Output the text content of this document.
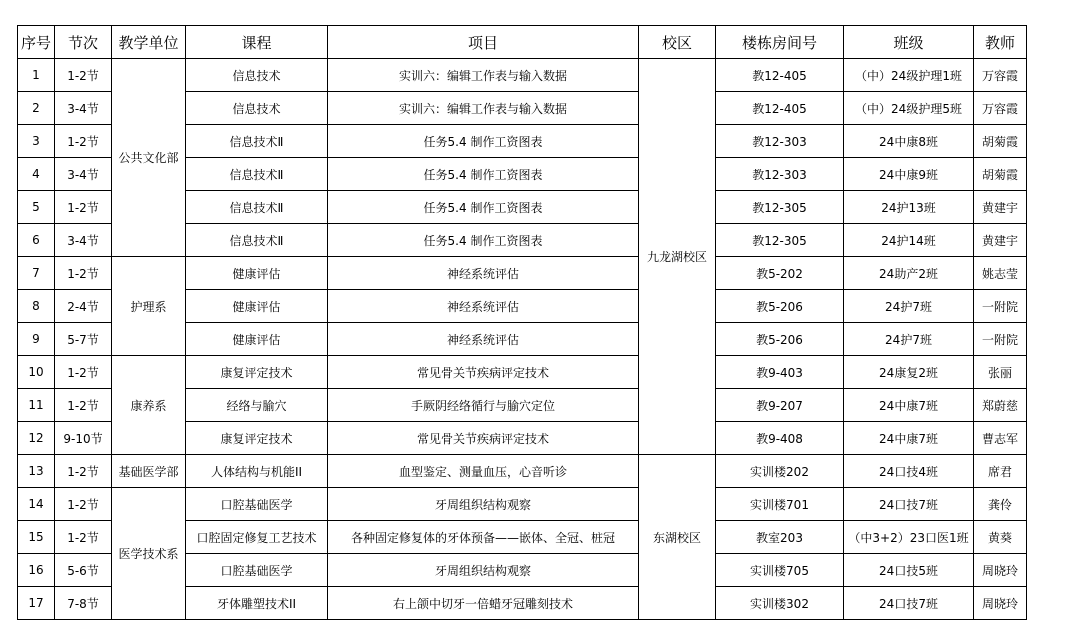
序号	节次	教学单位	课程	项目	校区	楼栋房间号	班级	教师
1	1-2节	公共文化部	信息技术	实训六：编辑工作表与输入数据	九龙湖校区	教12-405	（中）24级护理1班	万容霞
2	3-4节		信息技术	实训六：编辑工作表与输入数据		教12-405	（中）24级护理5班	万容霞
3	1-2节		信息技术Ⅱ	任务5.4 制作工资图表		教12-303	24中康8班	胡菊霞
4	3-4节		信息技术Ⅱ	任务5.4 制作工资图表		教12-303	24中康9班	胡菊霞
5	1-2节		信息技术Ⅱ	任务5.4 制作工资图表		教12-305	24护13班	黄建宇
6	3-4节		信息技术Ⅱ	任务5.4 制作工资图表		教12-305	24护14班	黄建宇
7	1-2节	护理系	健康评估	神经系统评估		教5-202	24助产2班	姚志莹
8	2-4节		健康评估	神经系统评估		教5-206	24护7班	一附院
9	5-7节		健康评估	神经系统评估		教5-206	24护7班	一附院
10	1-2节	康养系	康复评定技术	常见骨关节疾病评定技术		教9-403	24康复2班	张丽
11	1-2节		经络与腧穴	手厥阴经络循行与腧穴定位		教9-207	24中康7班	郑蔚慈
12	9-10节		康复评定技术	常见骨关节疾病评定技术		教9-408	24中康7班	曹志军
13	1-2节	基础医学部	人体结构与机能II	血型鉴定、测量血压，心音听诊	东湖校区	实训楼202	24口技4班	席君
14	1-2节	医学技术系	口腔基础医学	牙周组织结构观察		实训楼701	24口技7班	龚伶
15	1-2节		口腔固定修复工艺技术	各种固定修复体的牙体预备——嵌体、全冠、桩冠		教室203	（中3+2）23口医1班	黄葵
16	5-6节		口腔基础医学	牙周组织结构观察		实训楼705	24口技5班	周晓玲
17	7-8节		牙体雕塑技术II	右上颌中切牙一倍蜡牙冠雕刻技术		实训楼302	24口技7班	周晓玲
